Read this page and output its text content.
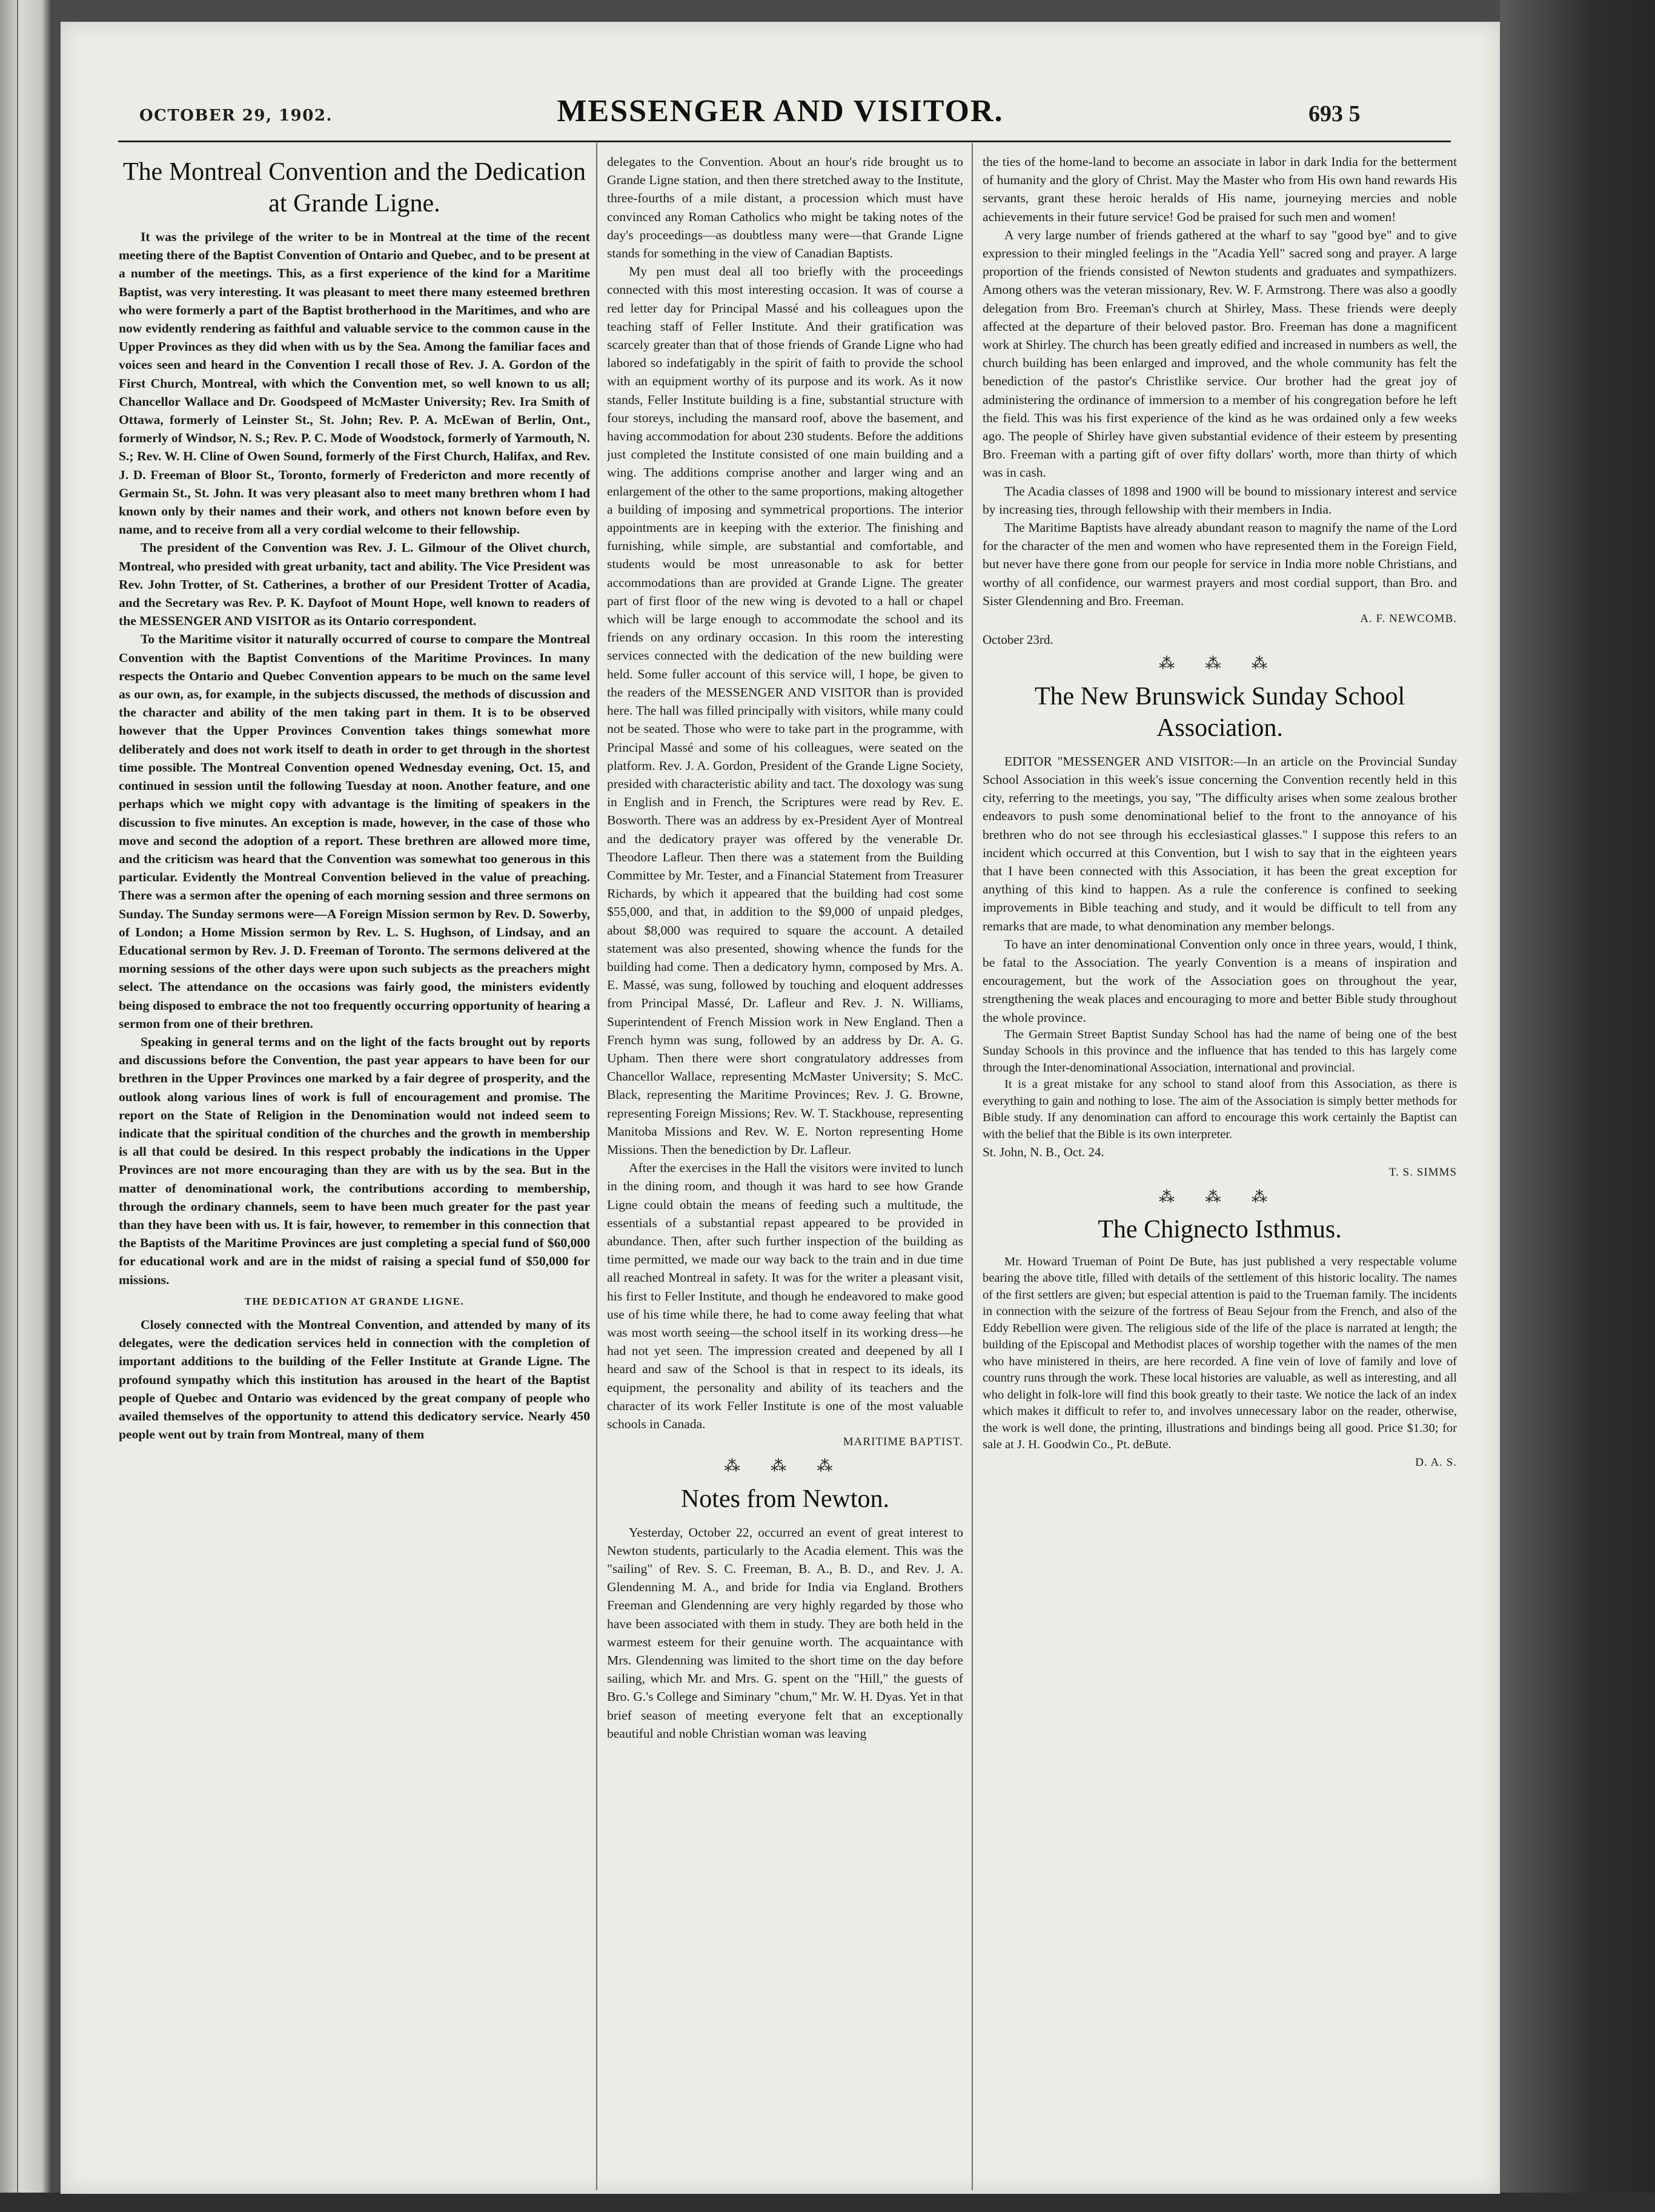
OCTOBER 29, 1902.	MESSENGER AND VISITOR.	693 5
The Montreal Convention and the Dedication at Grande Ligne.

It was the privilege of the writer to be in Montreal at the time of the recent meeting there of the Baptist Convention of Ontario and Quebec, and to be present at a number of the meetings. This, as a first experience of the kind for a Maritime Baptist, was very interesting. It was pleasant to meet there many esteemed brethren who were formerly a part of the Baptist brotherhood in the Maritimes, and who are now evidently rendering as faithful and valuable service to the common cause in the Upper Provinces as they did when with us by the Sea. Among the familiar faces and voices seen and heard in the Convention I recall those of Rev. J. A. Gordon of the First Church, Montreal, with which the Convention met, so well known to us all; Chancellor Wallace and Dr. Goodspeed of McMaster University; Rev. Ira Smith of Ottawa, formerly of Leinster St., St. John; Rev. P. A. McEwan of Berlin, Ont., formerly of Windsor, N. S.; Rev. P. C. Mode of Woodstock, formerly of Yarmouth, N. S.; Rev. W. H. Cline of Owen Sound, formerly of the First Church, Halifax, and Rev. J. D. Freeman of Bloor St., Toronto, formerly of Fredericton and more recently of Germain St., St. John. It was very pleasant also to meet many brethren whom I had known only by their names and their work, and others not known before even by name, and to receive from all a very cordial welcome to their fellowship.

The president of the Convention was Rev. J. L. Gilmour of the Olivet church, Montreal, who presided with great urbanity, tact and ability. The Vice President was Rev. John Trotter, of St. Catherines, a brother of our President Trotter of Acadia, and the Secretary was Rev. P. K. Dayfoot of Mount Hope, well known to readers of the MESSENGER AND VISITOR as its Ontario correspondent.

To the Maritime visitor it naturally occurred of course to compare the Montreal Convention with the Baptist Conventions of the Maritime Provinces. In many respects the Ontario and Quebec Convention appears to be much on the same level as our own, as, for example, in the subjects discussed, the methods of discussion and the character and ability of the men taking part in them. It is to be observed however that the Upper Provinces Convention takes things somewhat more deliberately and does not work itself to death in order to get through in the shortest time possible. The Montreal Convention opened Wednesday evening, Oct. 15, and continued in session until the following Tuesday at noon. Another feature, and one perhaps which we might copy with advantage is the limiting of speakers in the discussion to five minutes. An exception is made, however, in the case of those who move and second the adoption of a report. These brethren are allowed more time, and the criticism was heard that the Convention was somewhat too generous in this particular. Evidently the Montreal Convention believed in the value of preaching. There was a sermon after the opening of each morning session and three sermons on Sunday. The Sunday sermons were—A Foreign Mission sermon by Rev. D. Sowerby, of London; a Home Mission sermon by Rev. L. S. Hughson, of Lindsay, and an Educational sermon by Rev. J. D. Freeman of Toronto. The sermons delivered at the morning sessions of the other days were upon such subjects as the preachers might select. The attendance on the occasions was fairly good, the ministers evidently being disposed to embrace the not too frequently occurring opportunity of hearing a sermon from one of their brethren.

Speaking in general terms and on the light of the facts brought out by reports and discussions before the Convention, the past year appears to have been for our brethren in the Upper Provinces one marked by a fair degree of prosperity, and the outlook along various lines of work is full of encouragement and promise. The report on the State of Religion in the Denomination would not indeed seem to indicate that the spiritual condition of the churches and the growth in membership is all that could be desired. In this respect probably the indications in the Upper Provinces are not more encouraging than they are with us by the sea. But in the matter of denominational work, the contributions according to membership, through the ordinary channels, seem to have been much greater for the past year than they have been with us. It is fair, however, to remember in this connection that the Baptists of the Maritime Provinces are just completing a special fund of $60,000 for educational work and are in the midst of raising a special fund of $50,000 for missions.

THE DEDICATION AT GRANDE LIGNE.

Closely connected with the Montreal Convention, and attended by many of its delegates, were the dedication services held in connection with the completion of important additions to the building of the Feller Institute at Grande Ligne. The profound sympathy which this institution has aroused in the heart of the Baptist people of Quebec and Ontario was evidenced by the great company of people who availed themselves of the opportunity to attend this dedicatory service. Nearly 450 people went out by train from Montreal, many of them

delegates to the Convention. About an hour's ride brought us to Grande Ligne station, and then there stretched away to the Institute, three-fourths of a mile distant, a procession which must have convinced any Roman Catholics who might be taking notes of the day's proceedings—as doubtless many were—that Grande Ligne stands for something in the view of Canadian Baptists.

My pen must deal all too briefly with the proceedings connected with this most interesting occasion. It was of course a red letter day for Principal Massé and his colleagues upon the teaching staff of Feller Institute. And their gratification was scarcely greater than that of those friends of Grande Ligne who had labored so indefatigably in the spirit of faith to provide the school with an equipment worthy of its purpose and its work. As it now stands, Feller Institute building is a fine, substantial structure with four storeys, including the mansard roof, above the basement, and having accommodation for about 230 students. Before the additions just completed the Institute consisted of one main building and a wing. The additions comprise another and larger wing and an enlargement of the other to the same proportions, making altogether a building of imposing and symmetrical proportions. The interior appointments are in keeping with the exterior. The finishing and furnishing, while simple, are substantial and comfortable, and students would be most unreasonable to ask for better accommodations than are provided at Grande Ligne. The greater part of first floor of the new wing is devoted to a hall or chapel which will be large enough to accommodate the school and its friends on any ordinary occasion. In this room the interesting services connected with the dedication of the new building were held. Some fuller account of this service will, I hope, be given to the readers of the MESSENGER AND VISITOR than is provided here. The hall was filled principally with visitors, while many could not be seated. Those who were to take part in the programme, with Principal Massé and some of his colleagues, were seated on the platform. Rev. J. A. Gordon, President of the Grande Ligne Society, presided with characteristic ability and tact. The doxology was sung in English and in French, the Scriptures were read by Rev. E. Bosworth. There was an address by ex-President Ayer of Montreal and the dedicatory prayer was offered by the venerable Dr. Theodore Lafleur. Then there was a statement from the Building Committee by Mr. Tester, and a Financial Statement from Treasurer Richards, by which it appeared that the building had cost some $55,000, and that, in addition to the $9,000 of unpaid pledges, about $8,000 was required to square the account. A detailed statement was also presented, showing whence the funds for the building had come. Then a dedicatory hymn, composed by Mrs. A. E. Massé, was sung, followed by touching and eloquent addresses from Principal Massé, Dr. Lafleur and Rev. J. N. Williams, Superintendent of French Mission work in New England. Then a French hymn was sung, followed by an address by Dr. A. G. Upham. Then there were short congratulatory addresses from Chancellor Wallace, representing McMaster University; S. McC. Black, representing the Maritime Provinces; Rev. J. G. Browne, representing Foreign Missions; Rev. W. T. Stackhouse, representing Manitoba Missions and Rev. W. E. Norton representing Home Missions. Then the benediction by Dr. Lafleur.

After the exercises in the Hall the visitors were invited to lunch in the dining room, and though it was hard to see how Grande Ligne could obtain the means of feeding such a multitude, the essentials of a substantial repast appeared to be provided in abundance. Then, after such further inspection of the building as time permitted, we made our way back to the train and in due time all reached Montreal in safety. It was for the writer a pleasant visit, his first to Feller Institute, and though he endeavored to make good use of his time while there, he had to come away feeling that what was most worth seeing—the school itself in its working dress—he had not yet seen. The impression created and deepened by all I heard and saw of the School is that in respect to its ideals, its equipment, the personality and ability of its teachers and the character of its work Feller Institute is one of the most valuable schools in Canada.

MARITIME BAPTIST.
⁂ ⁂ ⁂
Notes from Newton.

Yesterday, October 22, occurred an event of great interest to Newton students, particularly to the Acadia element. This was the "sailing" of Rev. S. C. Freeman, B. A., B. D., and Rev. J. A. Glendenning M. A., and bride for India via England. Brothers Freeman and Glendenning are very highly regarded by those who have been associated with them in study. They are both held in the warmest esteem for their genuine worth. The acquaintance with Mrs. Glendenning was limited to the short time on the day before sailing, which Mr. and Mrs. G. spent on the "Hill," the guests of Bro. G.'s College and Siminary "chum," Mr. W. H. Dyas. Yet in that brief season of meeting everyone felt that an exceptionally beautiful and noble Christian woman was leaving

the ties of the home-land to become an associate in labor in dark India for the betterment of humanity and the glory of Christ. May the Master who from His own hand rewards His servants, grant these heroic heralds of His name, journeying mercies and noble achievements in their future service! God be praised for such men and women!

A very large number of friends gathered at the wharf to say "good bye" and to give expression to their mingled feelings in the "Acadia Yell" sacred song and prayer. A large proportion of the friends consisted of Newton students and graduates and sympathizers. Among others was the veteran missionary, Rev. W. F. Armstrong. There was also a goodly delegation from Bro. Freeman's church at Shirley, Mass. These friends were deeply affected at the departure of their beloved pastor. Bro. Freeman has done a magnificent work at Shirley. The church has been greatly edified and increased in numbers as well, the church building has been enlarged and improved, and the whole community has felt the benediction of the pastor's Christlike service. Our brother had the great joy of administering the ordinance of immersion to a member of his congregation before he left the field. This was his first experience of the kind as he was ordained only a few weeks ago. The people of Shirley have given substantial evidence of their esteem by presenting Bro. Freeman with a parting gift of over fifty dollars' worth, more than thirty of which was in cash.

The Acadia classes of 1898 and 1900 will be bound to missionary interest and service by increasing ties, through fellowship with their members in India.

The Maritime Baptists have already abundant reason to magnify the name of the Lord for the character of the men and women who have represented them in the Foreign Field, but never have there gone from our people for service in India more noble Christians, and worthy of all confidence, our warmest prayers and most cordial support, than Bro. and Sister Glendenning and Bro. Freeman.

A. F. NEWCOMB.
October 23rd.
⁂ ⁂ ⁂
The New Brunswick Sunday School Association.

EDITOR "MESSENGER AND VISITOR:—In an article on the Provincial Sunday School Association in this week's issue concerning the Convention recently held in this city, referring to the meetings, you say, "The difficulty arises when some zealous brother endeavors to push some denominational belief to the front to the annoyance of his brethren who do not see through his ecclesiastical glasses." I suppose this refers to an incident which occurred at this Convention, but I wish to say that in the eighteen years that I have been connected with this Association, it has been the great exception for anything of this kind to happen. As a rule the conference is confined to seeking improvements in Bible teaching and study, and it would be difficult to tell from any remarks that are made, to what denomination any member belongs.

To have an inter denominational Convention only once in three years, would, I think, be fatal to the Association. The yearly Convention is a means of inspiration and encouragement, but the work of the Association goes on throughout the year, strengthening the weak places and encouraging to more and better Bible study throughout the whole province.

The Germain Street Baptist Sunday School has had the name of being one of the best Sunday Schools in this province and the influence that has tended to this has largely come through the Inter-denominational Association, international and provincial.

It is a great mistake for any school to stand aloof from this Association, as there is everything to gain and nothing to lose. The aim of the Association is simply better methods for Bible study. If any denomination can afford to encourage this work certainly the Baptist can with the belief that the Bible is its own interpreter.

St. John, N. B., Oct. 24.
T. S. SIMMS
⁂ ⁂ ⁂
The Chignecto Isthmus.

Mr. Howard Trueman of Point De Bute, has just published a very respectable volume bearing the above title, filled with details of the settlement of this historic locality. The names of the first settlers are given; but especial attention is paid to the Trueman family. The incidents in connection with the seizure of the fortress of Beau Sejour from the French, and also of the Eddy Rebellion were given. The religious side of the life of the place is narrated at length; the building of the Episcopal and Methodist places of worship together with the names of the men who have ministered in theirs, are here recorded. A fine vein of love of family and love of country runs through the work. These local histories are valuable, as well as interesting, and all who delight in folk-lore will find this book greatly to their taste. We notice the lack of an index which makes it difficult to refer to, and involves unnecessary labor on the reader, otherwise, the work is well done, the printing, illustrations and bindings being all good. Price $1.30; for sale at J. H. Goodwin Co., Pt. deBute.

D. A. S.
